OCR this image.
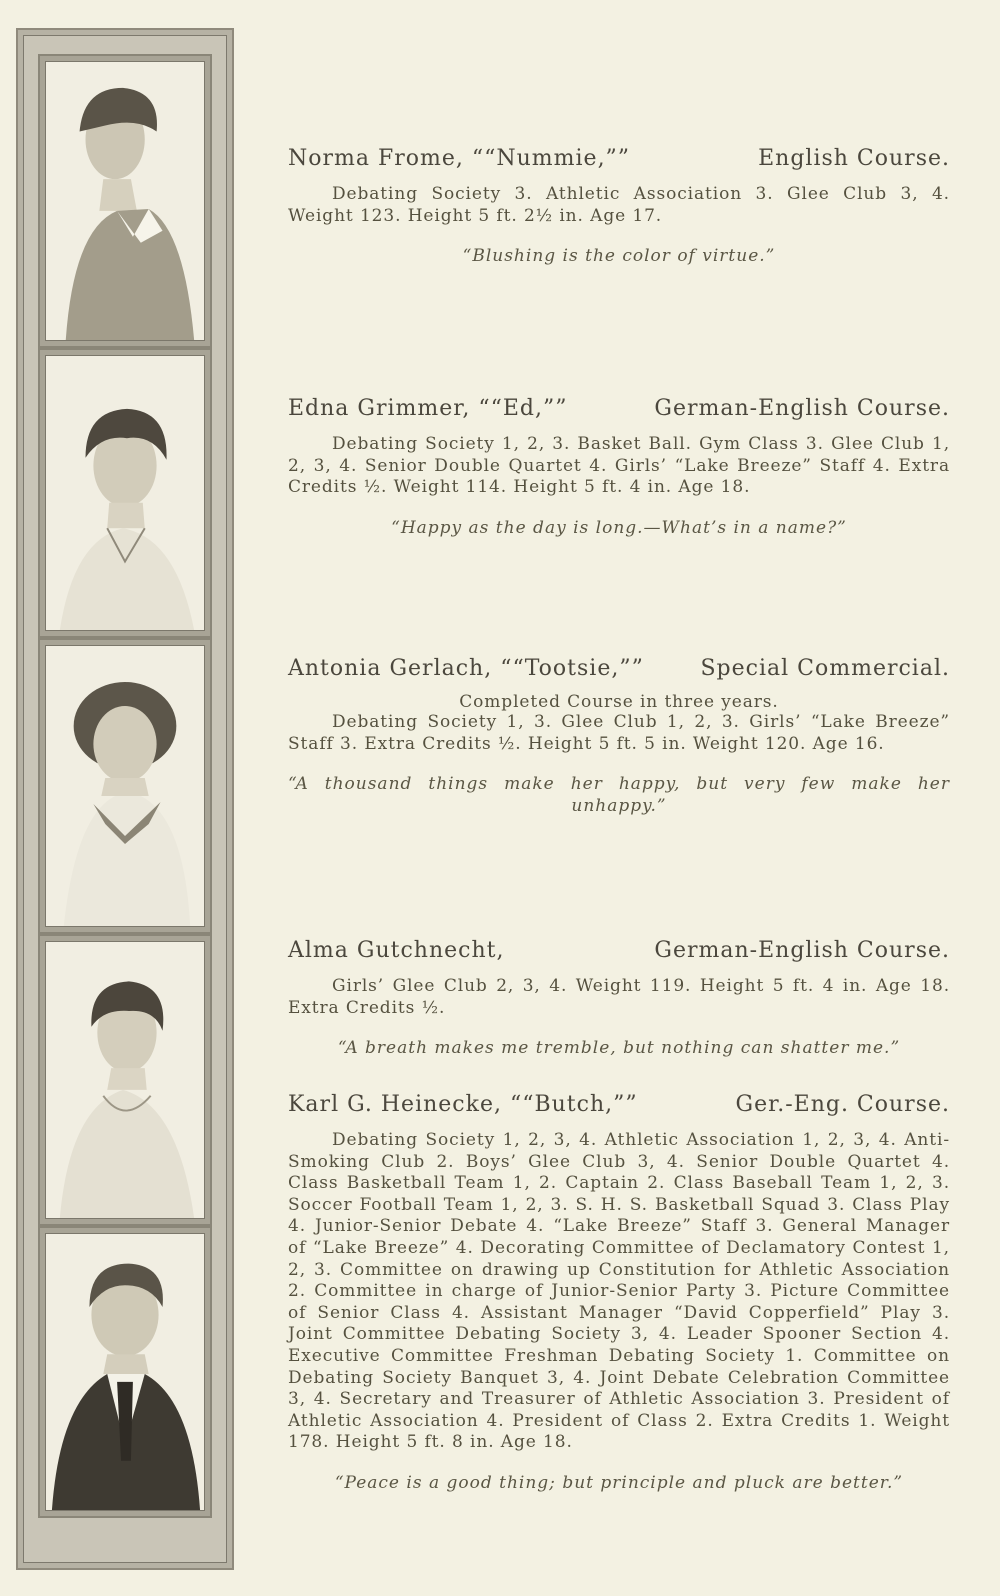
Norma Frome, ““Nummie,””	English Course.
Debating Society 3. Athletic Association 3. Glee Club 3, 4. Weight 123. Height 5 ft. 2½ in. Age 17.
“Blushing is the color of virtue.”
Edna Grimmer, ““Ed,””	German-English Course.
Debating Society 1, 2, 3. Basket Ball. Gym Class 3. Glee Club 1, 2, 3, 4. Senior Double Quartet 4. Girls’ “Lake Breeze” Staff 4. Extra Credits ½. Weight 114. Height 5 ft. 4 in. Age 18.
“Happy as the day is long.—What’s in a name?”
Antonia Gerlach, ““Tootsie,””	Special Commercial.
Completed Course in three years.
Debating Society 1, 3. Glee Club 1, 2, 3. Girls’ “Lake Breeze” Staff 3. Extra Credits ½. Height 5 ft. 5 in. Weight 120. Age 16.
“A thousand things make her happy, but very few make her unhappy.”
Alma Gutchnecht,	German-English Course.
Girls’ Glee Club 2, 3, 4. Weight 119. Height 5 ft. 4 in. Age 18. Extra Credits ½.
“A breath makes me tremble, but nothing can shatter me.”
Karl G. Heinecke, ““Butch,””	Ger.-Eng. Course.
Debating Society 1, 2, 3, 4. Athletic Association 1, 2, 3, 4. Anti-Smoking Club 2. Boys’ Glee Club 3, 4. Senior Double Quartet 4. Class Basketball Team 1, 2. Captain 2. Class Baseball Team 1, 2, 3. Soccer Football Team 1, 2, 3. S. H. S. Basketball Squad 3. Class Play 4. Junior-Senior Debate 4. “Lake Breeze” Staff 3. General Manager of “Lake Breeze” 4. Decorating Committee of Declamatory Contest 1, 2, 3. Committee on drawing up Constitution for Athletic Association 2. Committee in charge of Junior-Senior Party 3. Picture Committee of Senior Class 4. Assistant Manager “David Copperfield” Play 3. Joint Committee Debating Society 3, 4. Leader Spooner Section 4. Executive Committee Freshman Debating Society 1. Committee on Debating Society Banquet 3, 4. Joint Debate Celebration Committee 3, 4. Secretary and Treasurer of Athletic Association 3. President of Athletic Association 4. President of Class 2. Extra Credits 1. Weight 178. Height 5 ft. 8 in. Age 18.
“Peace is a good thing; but principle and pluck are better.”
